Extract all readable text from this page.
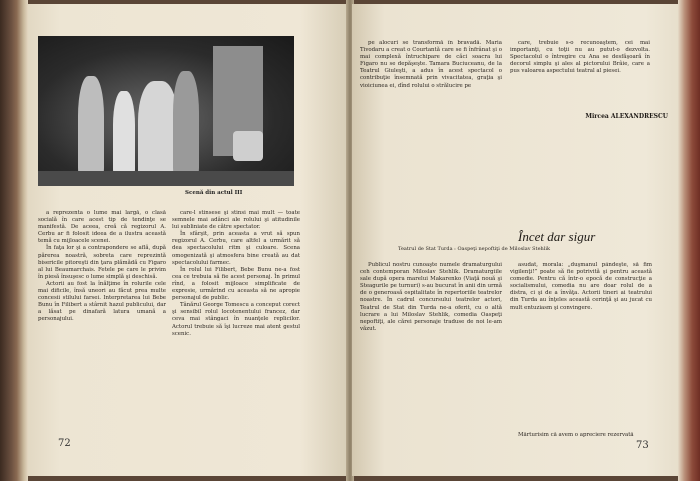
Scenă din actul III

a reprezenta o lume mai largă, o clasă socială în care acest tip de tendinţe se manifestă. De aceea, creă că regizorul A. Cerbu ar fi folosit ideea de a ilustra această temă cu mijloacele scenei.

În faţa lor şi a contrapondere se află, după părerea noastră, sobreta care reprezintă bisericile pitoreşti din ţara plămădă cu Figaro al lui Beaumarchais. Fetele pe care le privim în piesă însuşesc o lume simplă şi deschisă.

Actorii au fost la înălţime în rolurile cele mai dificile, însă uneori au făcut prea multe concesii stilului farsei. Interpretarea lui Bebe Bunu în Filibert a stârnit hazul publicului, dar a lăsat pe dinafară latura umană a personajului.

care-l stinsese şi stinsi mai mult — toate semnele mai adânci ale rolului şi atitudinile lui subliniate de către spectator.

În sfârşit, prin aceasta a vrut să spun regizorul A. Cerbu, care altfel a urmărit să dea spectacolului ritm şi culoare. Scena omogenizată şi atmosfera bine creată au dat spectacolului farmec.

În rolul lui Filibert, Bebe Bunu ne-a fost cea ce trebuia să fie acest personaj. În primul rînd, a folosit mijloace simplificate de expresie, urmărind cu aceasta să ne apropie personajul de public.

Tânărul George Tomescu a conceput corect şi sensibil rolul locotenentului francez, dar ceva mai stângaci în nuanţele replicilor. Actorul trebuie să îşi lucreze mai atent gestul scenic.

72

pe alocuri se transformă în bravadă. Maria Tivodaru a creat o Courtantă care se fi înfrânat şi o mai complexă întruchipare de căci soacra lui Figaro nu se depăşeşte. Tamara Buciuceanu, de la Teatrul Giuleşti, a adus în acest spectacol o contribuţie însemnată prin vivacitatea, graţia şi vioiciunea ei, dînd rolului o strălucire pe

care, trebuie s-o recunoaştem, cei mai importanţi, cu toţii nu au putut-o dezvolta. Spectacolul o întregire cu Ana se desfăşoară în decorul simplu şi ales al pictorului Brâie, care a pus valoarea aspectului teatral al piesei.

Mircea ALEXANDRESCU
Încet dar sigur
Teatrul de Stat Turda : Oaspeţi nepoftiţi de Miloslav Stehlik

Publicul nostru cunoaşte numele dramaturgului ceh contemporan Miloslav Stehlik. Dramaturgiile sale după opera marelui Makarenko (Viaţă nouă şi Steagurile pe turnuri) s-au bucurat în anii din urmă de o generoasă ospitalitate în repertoriile teatrelor noastre. În cadrul concursului teatrelor actori, Teatrul de Stat din Turda ne-a oferit, cu o altă lucrare a lui Miloslav Stehlik, comedia Oaspeţi nepoftiţi, ale cărei personaje traduse de noi le-am văzut.

asudat, morala: „duşmanul pândeşte, să fim vigilenţi!” poate să fie potrivită şi pentru această comedie. Pentru că într-o epocă de construcţie a socialismului, comedia nu are doar rolul de a distra, ci şi de a învăţa. Actorii tineri ai teatrului din Turda au înţeles această cerinţă şi au jucat cu mult entuziasm şi convingere.

Mărturisim că avem o apreciere rezervată

73
